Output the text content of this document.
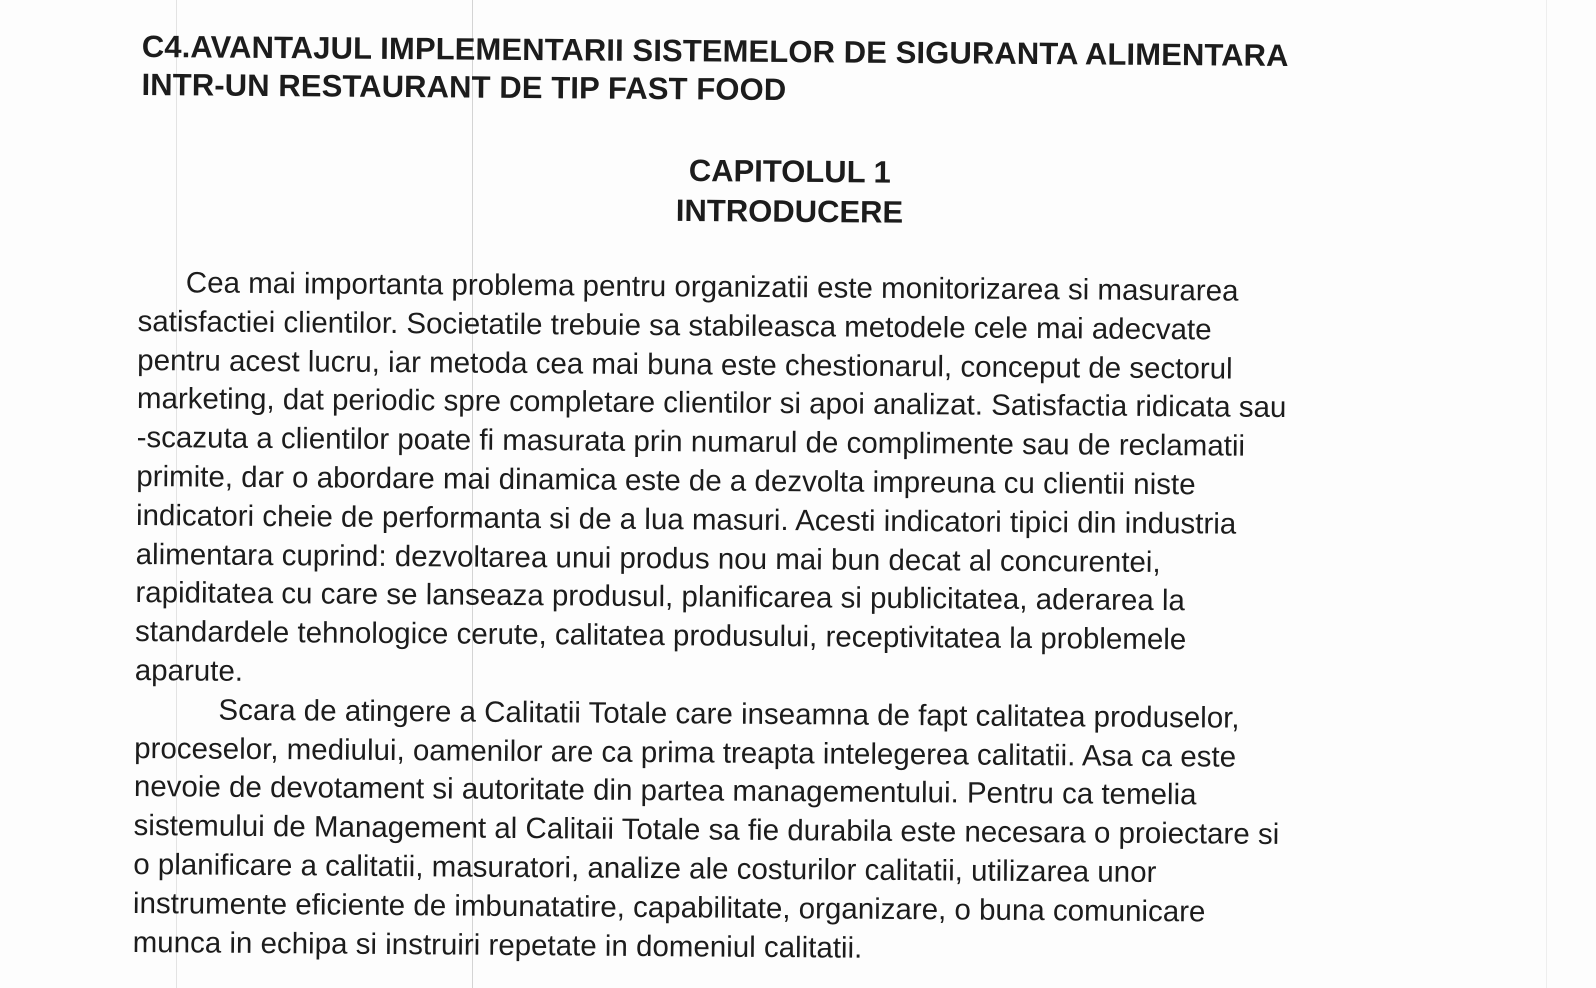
C4.AVANTAJUL IMPLEMENTARII SISTEMELOR DE SIGURANTA ALIMENTARA
INTR-UN RESTAURANT DE TIP FAST FOOD
CAPITOLUL 1
INTRODUCERE
Cea mai importanta problema pentru organizatii este monitorizarea si masurarea
satisfactiei clientilor. Societatile trebuie sa stabileasca metodele cele mai adecvate
pentru acest lucru, iar metoda cea mai buna este chestionarul, conceput de sectorul
marketing, dat periodic spre completare clientilor si apoi analizat. Satisfactia ridicata sau
-scazuta a clientilor poate fi masurata prin numarul de complimente sau de reclamatii
primite, dar o abordare mai dinamica este de a dezvolta impreuna cu clientii niste
indicatori cheie de performanta si de a lua masuri. Acesti indicatori tipici din industria
alimentara cuprind: dezvoltarea unui produs nou mai bun decat al concurentei,
rapiditatea cu care se lanseaza produsul, planificarea si publicitatea, aderarea la
standardele tehnologice cerute, calitatea produsului, receptivitatea la problemele
aparute.
Scara de atingere a Calitatii Totale care inseamna de fapt calitatea produselor,
proceselor, mediului, oamenilor are ca prima treapta intelegerea calitatii. Asa ca este
nevoie de devotament si autoritate din partea managementului. Pentru ca temelia
sistemului de Management al Calitaii Totale sa fie durabila este necesara o proiectare si
o planificare a calitatii, masuratori, analize ale costurilor calitatii, utilizarea unor
instrumente eficiente de imbunatatire, capabilitate, organizare, o buna comunicare
munca in echipa si instruiri repetate in domeniul calitatii.
